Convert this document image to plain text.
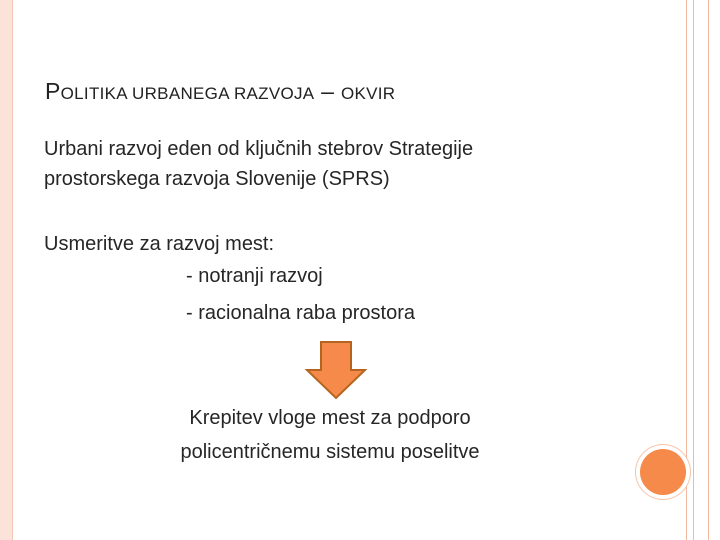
POLITIKA URBANEGA RAZVOJA – OKVIR

Urbani razvoj eden od ključnih stebrov Strategije
prostorskega razvoja Slovenije (SPRS)

Usmeritve za razvoj mest:

- notranji razvoj

- racionalna raba prostora

Krepitev vloge mest za podporo
policentričnemu sistemu poselitve
